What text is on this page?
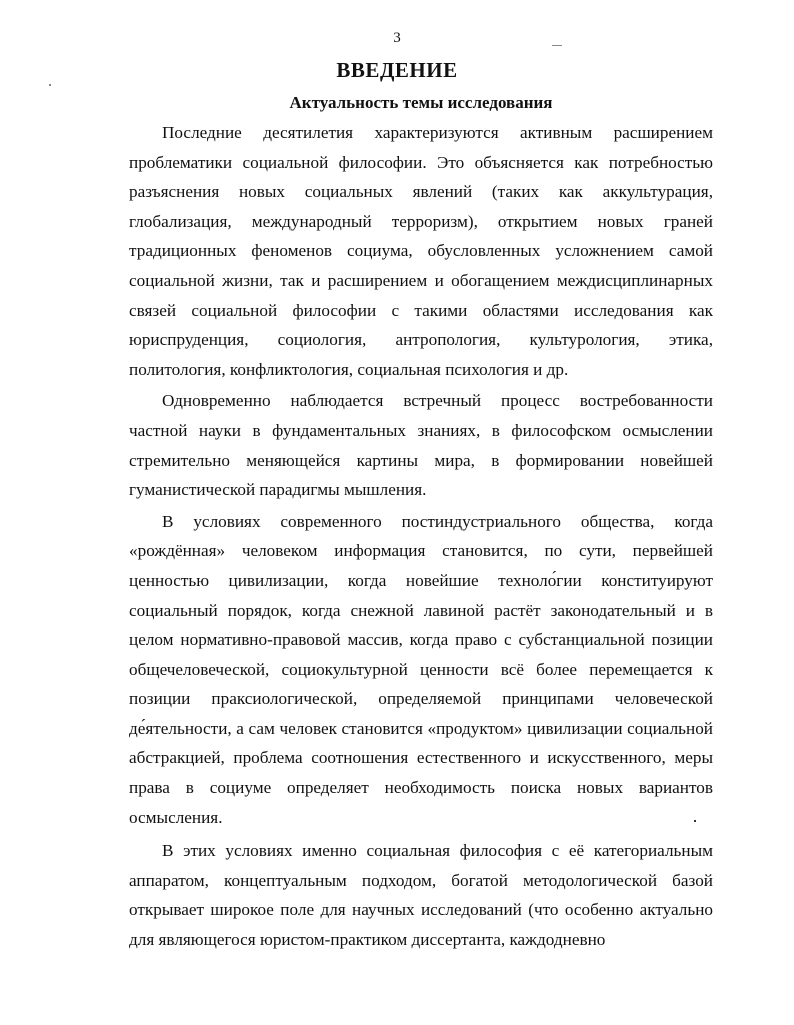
3
ВВЕДЕНИЕ
Актуальность темы исследования

Последние десятилетия характеризуются активным расширением проблематики социальной философии. Это объясняется как потребностью разъяснения новых социальных явлений (таких как аккультурация, глобализация, международный терроризм), открытием новых граней традиционных феноменов социума, обусловленных усложнением самой социальной жизни, так и расширением и обогащением междисциплинарных связей социальной философии с такими областями исследования как юриспруденция, социология, антропология, культурология, этика, политология, конфликтология, социальная психология и др.

Одновременно наблюдается встречный процесс востребованности частной науки в фундаментальных знаниях, в философском осмыслении стремительно меняющейся картины мира, в формировании новейшей гуманистической парадигмы мышления.

В условиях современного постиндустриального общества, когда «рождённая» человеком информация становится, по сути, первейшей ценностью цивилизации, когда новейшие техноло́гии конституируют социальный порядок, когда снежной лавиной растёт законодательный и в целом нормативно-правовой массив, когда право с субстанциальной позиции общечеловеческой, социокультурной ценности всё более перемещается к позиции праксиологической, определяемой принципами человеческой де́ятельности, а сам человек становится «продуктом» цивилизации социальной абстракцией, проблема соотношения естественного и искусственного, меры права в социуме определяет необходимость поиска новых вариантов осмысления.

В этих условиях именно социальная философия с её категориальным аппаратом, концептуальным подходом, богатой методологической базой открывает широкое поле для научных исследований (что особенно актуально для являющегося юристом-практиком диссертанта, каждодневно
